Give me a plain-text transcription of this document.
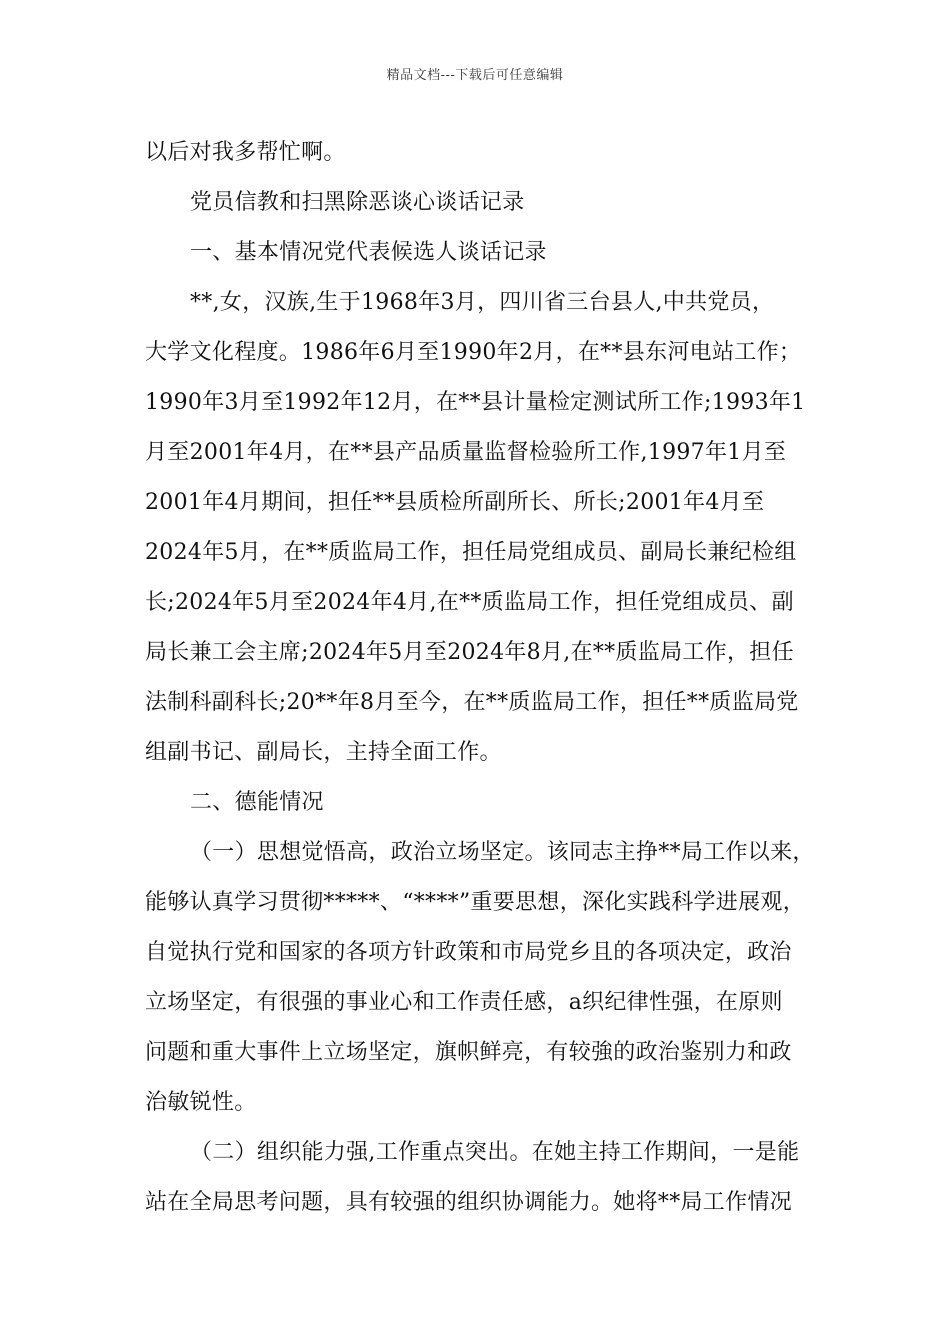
精品文档---下载后可任意编辑
以后对我多帮忙啊。
党员信教和扫黑除恶谈心谈话记录
一、基本情况党代表候选人谈话记录
**,女，汉族,生于1968年3月，四川省三台县人,中共党员，
大学文化程度。1986年6月至1990年2月，在**县东河电站工作；
1990年3月至1992年12月，在**县计量检定测试所工作;1993年1
月至2001年4月，在**县产品质量监督检验所工作,1997年1月至
2001年4月期间，担任**县质检所副所长、所长;2001年4月至
2024年5月，在**质监局工作，担任局党组成员、副局长兼纪检组
长;2024年5月至2024年4月,在**质监局工作，担任党组成员、副
局长兼工会主席;2024年5月至2024年8月,在**质监局工作，担任
法制科副科长;20**年8月至今，在**质监局工作，担任**质监局党
组副书记、副局长，主持全面工作。
二、德能情况
（一）思想觉悟高，政治立场坚定。该同志主挣**局工作以来，
能够认真学习贯彻*****、“****”重要思想，深化实践科学进展观，
自觉执行党和国家的各项方针政策和市局党乡且的各项决定，政治
立场坚定，有很强的事业心和工作责任感，a织纪律性强，在原则
问题和重大事件上立场坚定，旗帜鲜亮，有较強的政治鉴别力和政
治敏锐性。
（二）组织能力强,工作重点突出。在她主持工作期间，一是能
站在全局思考问题，具有较强的组织协调能力。她将**局工作情况
